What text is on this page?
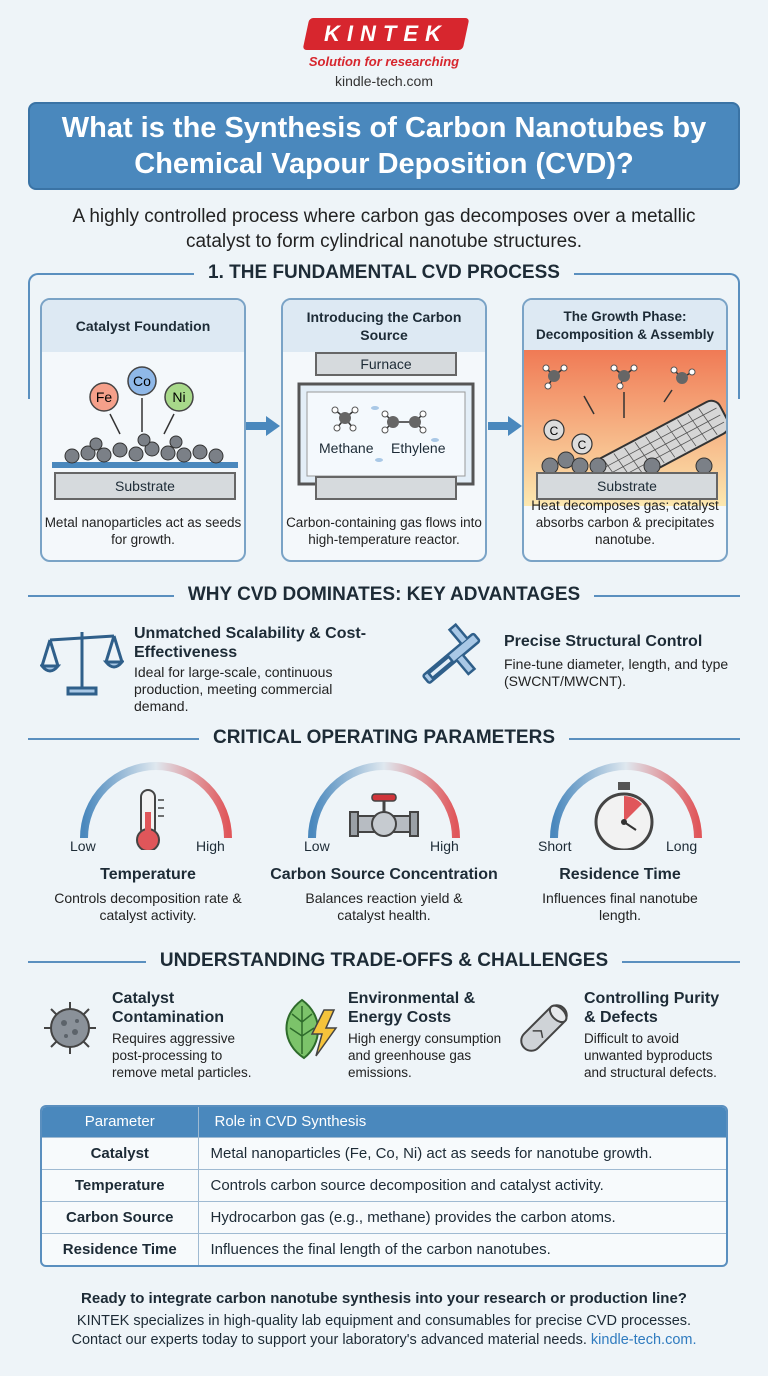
KINTEK
Solution for researching
kindle-tech.com
What is the Synthesis of Carbon Nanotubes by Chemical Vapour Deposition (CVD)?
A highly controlled process where carbon gas decomposes over a metallic catalyst to form cylindrical nanotube structures.
1. THE FUNDAMENTAL CVD PROCESS
Catalyst Foundation
Fe
Co
Ni
Substrate
Metal nanoparticles act as seeds for growth.
Introducing the Carbon Source
Furnace
Methane Ethylene
Carbon-containing gas flows into high-temperature reactor.
The Growth Phase: Decomposition & Assembly
C
C
Substrate
Heat decomposes gas; catalyst absorbs carbon & precipitates nanotube.
WHY CVD DOMINATES: KEY ADVANTAGES
Unmatched Scalability & Cost-Effectiveness
Ideal for large-scale, continuous production, meeting commercial demand.
Precise Structural Control
Fine-tune diameter, length, and type (SWCNT/MWCNT).
CRITICAL OPERATING PARAMETERS
Low	High
Temperature
Controls decomposition rate & catalyst activity.
Low	High
Carbon Source Concentration
Balances reaction yield & catalyst health.
Short	Long
Residence Time
Influences final nanotube length.
UNDERSTANDING TRADE-OFFS & CHALLENGES
Catalyst Contamination
Requires aggressive post-processing to remove metal particles.
Environmental & Energy Costs
High energy consumption and greenhouse gas emissions.
Controlling Purity & Defects
Difficult to avoid unwanted byproducts and structural defects.
Parameter	Role in CVD Synthesis
Catalyst	Metal nanoparticles (Fe, Co, Ni) act as seeds for nanotube growth.
Temperature	Controls carbon source decomposition and catalyst activity.
Carbon Source	Hydrocarbon gas (e.g., methane) provides the carbon atoms.
Residence Time	Influences the final length of the carbon nanotubes.
Ready to integrate carbon nanotube synthesis into your research or production line?
KINTEK specializes in high-quality lab equipment and consumables for precise CVD processes.
Contact our experts today to support your laboratory's advanced material needs. kindle-tech.com.
